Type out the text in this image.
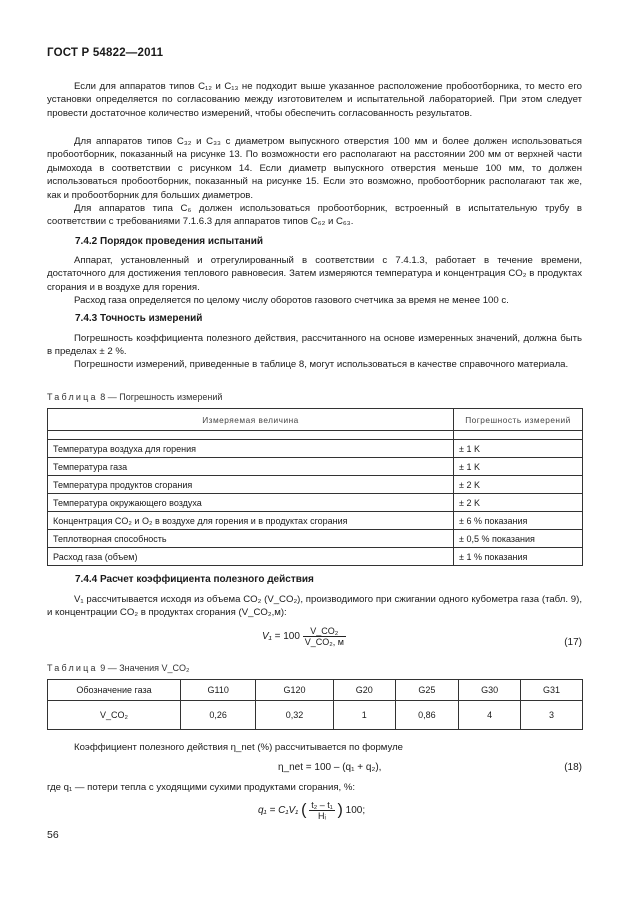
ГОСТ Р 54822—2011
Если для аппаратов типов C₁₂ и C₁₃ не подходит выше указанное расположение пробоотборника, то место его установки определяется по согласованию между изготовителем и испытательной лабораторией. При этом следует провести достаточное количество измерений, чтобы обеспечить согласованность результатов.
Для аппаратов типов C₃₂ и C₃₃ с диаметром выпускного отверстия 100 мм и более должен использоваться пробоотборник, показанный на рисунке 13. По возможности его располагают на расстоянии 200 мм от верхней части дымохода в соответствии с рисунком 14. Если диаметр выпускного отверстия меньше 100 мм, то должен использоваться пробоотборник, показанный на рисунке 15. Если это возможно, пробоотборник располагают так же, как и пробоотборник для больших диаметров.
Для аппаратов типа C₆ должен использоваться пробоотборник, встроенный в испытательную трубу в соответствии с требованиями 7.1.6.3 для аппаратов типов C₆₂ и C₆₃.
7.4.2 Порядок проведения испытаний
Аппарат, установленный и отрегулированный в соответствии с 7.4.1.3, работает в течение времени, достаточного для достижения теплового равновесия. Затем измеряются температура и концентрация CO₂ в продуктах сгорания и в воздухе для горения.
Расход газа определяется по целому числу оборотов газового счетчика за время не менее 100 с.
7.4.3 Точность измерений
Погрешность коэффициента полезного действия, рассчитанного на основе измеренных значений, должна быть в пределах ± 2 %.
Погрешности измерений, приведенные в таблице 8, могут использоваться в качестве справочного материала.
Таблица 8 — Погрешность измерений
Измеряемая величина	Погрешность измерений

Температура воздуха для горения	± 1 K
Температура газа	± 1 K
Температура продуктов сгорания	± 2 K
Температура окружающего воздуха	± 2 K
Концентрация CO₂ и O₂ в воздухе для горения и в продуктах сгорания	± 6 % показания
Теплотворная способность	± 0,5 % показания
Расход газа (объем)	± 1 % показания
7.4.4 Расчет коэффициента полезного действия
V₁ рассчитывается исходя из объема CO₂ (V_CO₂), производимого при сжигании одного кубометра газа (табл. 9), и концентрации CO₂ в продуктах сгорания (V_CO₂,м):
$V_1 = 100 \frac{\text{V\_CO₂}}{\text{V\_CO₂, м}}$	(17)
Таблица 9 — Значения V_CO₂
Обозначение газа	G110	G120	G20	G25	G30	G31
V_CO₂	0,26	0,32	1	0,86	4	3
Коэффициент полезного действия η_net (%) рассчитывается по формуле
η_net = 100 – (q₁ + q₂),	(18)
где q₁ — потери тепла с уходящими сухими продуктами сгорания, %:
q₁ = C₁V₁ ( $\frac{\text{t₂ – t₁}}{\text{Hᵢ}}$ ) 100;
56
